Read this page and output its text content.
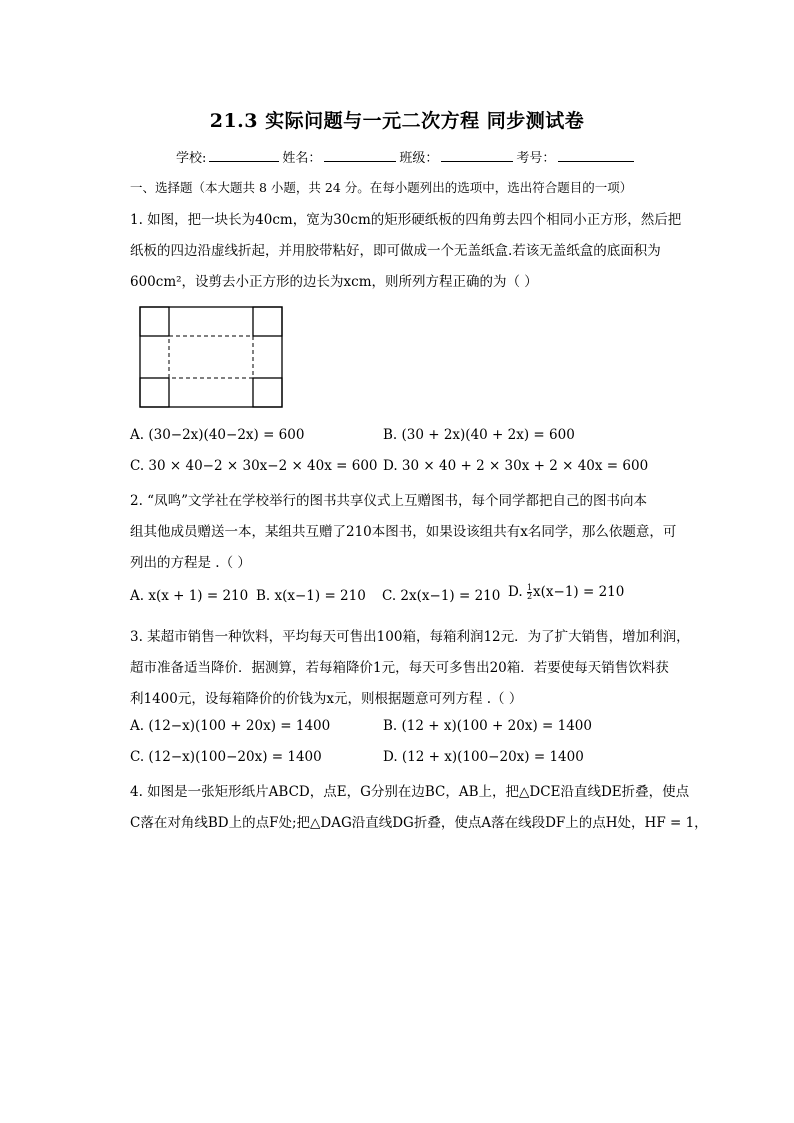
21.3 实际问题与一元二次方程 同步测试卷
学校:	姓名：	班级：	考号：
一、选择题（本大题共 8 小题，共 24 分。在每小题列出的选项中，选出符合题目的一项）
1. 如图，把一块长为40cm，宽为30cm的矩形硬纸板的四角剪去四个相同小正方形，然后把
纸板的四边沿虚线折起，并用胶带粘好，即可做成一个无盖纸盒.若该无盖纸盒的底面积为
600cm²，设剪去小正方形的边长为xcm，则所列方程正确的为（ ）
A. (30−2x)(40−2x) = 600	B. (30 + 2x)(40 + 2x) = 600
C. 30 × 40−2 × 30x−2 × 40x = 600 D. 30 × 40 + 2 × 30x + 2 × 40x = 600
2. “凤鸣”文学社在学校举行的图书共享仪式上互赠图书，每个同学都把自己的图书向本
组其他成员赠送一本，某组共互赠了210本图书，如果设该组共有x名同学，那么依题意，可
列出的方程是 .（ ）
A. x(x + 1) = 210 B. x(x−1) = 210 C. 2x(x−1) = 210 D. $\frac{1}{2} x(x-1) = 210$
3. 某超市销售一种饮料，平均每天可售出100箱，每箱利润12元．为了扩大销售，增加利润，
超市准备适当降价．据测算，若每箱降价1元，每天可多售出20箱．若要使每天销售饮料获
利1400元，设每箱降价的价钱为x元，则根据题意可列方程 .（ ）
A. (12−x)(100 + 20x) = 1400	B. (12 + x)(100 + 20x) = 1400
C. (12−x)(100−20x) = 1400	D. (12 + x)(100−20x) = 1400
4. 如图是一张矩形纸片ABCD，点E，G分别在边BC，AB上，把△DCE沿直线DE折叠，使点
C落在对角线BD上的点F处;把△DAG沿直线DG折叠，使点A落在线段DF上的点H处，HF = 1，
